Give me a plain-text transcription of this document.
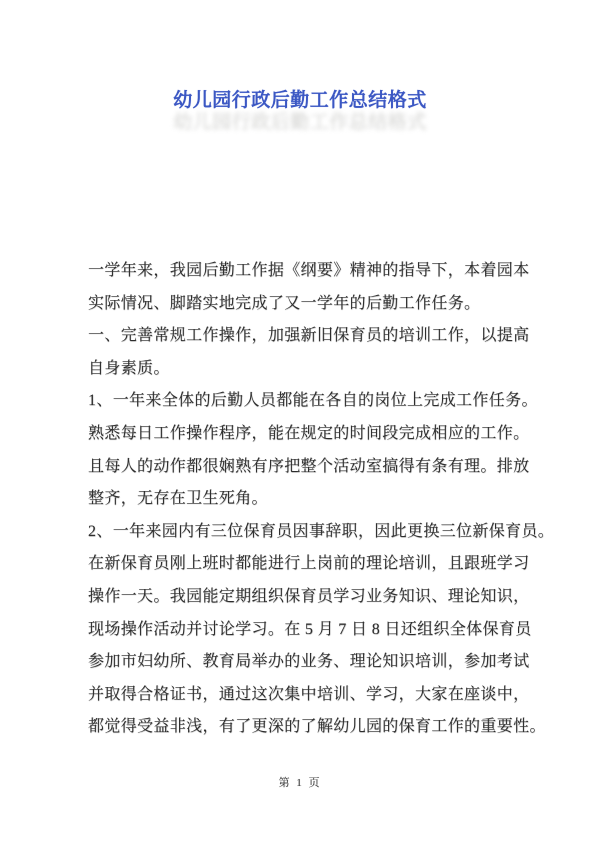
幼儿园行政后勤工作总结格式
幼儿园行政后勤工作总结格式
一学年来，我园后勤工作据《纲要》精神的指导下，本着园本
实际情况、脚踏实地完成了又一学年的后勤工作任务。
一、完善常规工作操作，加强新旧保育员的培训工作，以提高
自身素质。
1、一年来全体的后勤人员都能在各自的岗位上完成工作任务。
熟悉每日工作操作程序，能在规定的时间段完成相应的工作。
且每人的动作都很娴熟有序把整个活动室搞得有条有理。排放
整齐，无存在卫生死角。
2、一年来园内有三位保育员因事辞职，因此更换三位新保育员。
在新保育员刚上班时都能进行上岗前的理论培训，且跟班学习
操作一天。我园能定期组织保育员学习业务知识、理论知识，
现场操作活动并讨论学习。在 5 月 7 日 8 日还组织全体保育员
参加市妇幼所、教育局举办的业务、理论知识培训，参加考试
并取得合格证书，通过这次集中培训、学习，大家在座谈中，
都觉得受益非浅，有了更深的了解幼儿园的保育工作的重要性。
第 1 页
